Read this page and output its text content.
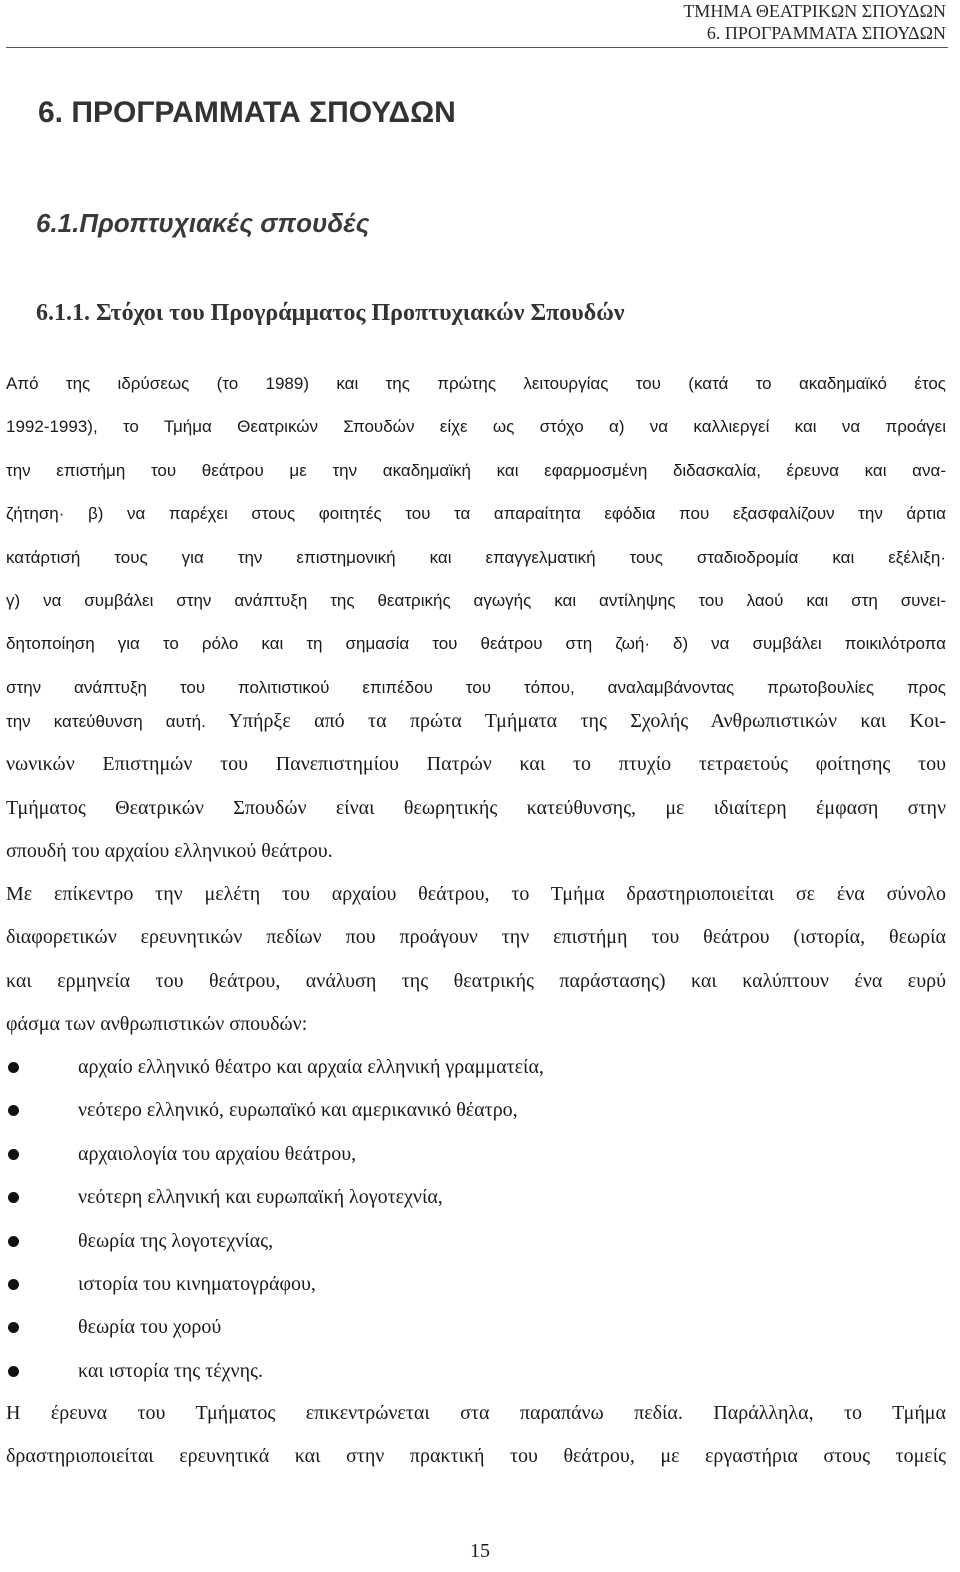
ΤΜΗΜΑ ΘΕΑΤΡΙΚΩΝ ΣΠΟΥΔΩΝ
6. ΠΡΟΓΡΑΜΜΑΤΑ ΣΠΟΥΔΩΝ
6. ΠΡΟΓΡΑΜΜΑΤΑ ΣΠΟΥΔΩΝ
6.1.Προπτυχιακές σπουδές
6.1.1. Στόχοι του Προγράμματος Προπτυχιακών Σπουδών
Από της ιδρύσεως (το 1989) και της πρώτης λειτουργίας του (κατά το ακαδημαϊκό έτος
1992-1993), το Τμήμα Θεατρικών Σπουδών είχε ως στόχο α) να καλλιεργεί και να προάγει
την επιστήμη του θεάτρου με την ακαδημαϊκή και εφαρμοσμένη διδασκαλία, έρευνα και ανα-
ζήτηση· β) να παρέχει στους φοιτητές του τα απαραίτητα εφόδια που εξασφαλίζουν την άρτια
κατάρτισή τους για την επιστημονική και επαγγελματική τους σταδιοδρομία και εξέλιξη·
γ) να συμβάλει στην ανάπτυξη της θεατρικής αγωγής και αντίληψης του λαού και στη συνει-
δητοποίηση για το ρόλο και τη σημασία του θεάτρου στη ζωή· δ) να συμβάλει ποικιλότροπα
στην ανάπτυξη του πολιτιστικού επιπέδου του τόπου, αναλαμβάνοντας πρωτοβουλίες προς
την κατεύθυνση αυτή. Υπήρξε από τα πρώτα Τμήματα της Σχολής Ανθρωπιστικών και Κοι-
νωνικών Επιστημών του Πανεπιστημίου Πατρών και το πτυχίο τετραετούς φοίτησης του
Τμήματος Θεατρικών Σπουδών είναι θεωρητικής κατεύθυνσης, με ιδιαίτερη έμφαση στην
σπουδή του αρχαίου ελληνικού θεάτρου.
Με επίκεντρο την μελέτη του αρχαίου θεάτρου, το Τμήμα δραστηριοποιείται σε ένα σύνολο
διαφορετικών ερευνητικών πεδίων που προάγουν την επιστήμη του θεάτρου (ιστορία, θεωρία
και ερμηνεία του θεάτρου, ανάλυση της θεατρικής παράστασης) και καλύπτουν ένα ευρύ
φάσμα των ανθρωπιστικών σπουδών:
αρχαίο ελληνικό θέατρο και αρχαία ελληνική γραμματεία,
νεότερο ελληνικό, ευρωπαϊκό και αμερικανικό θέατρο,
αρχαιολογία του αρχαίου θεάτρου,
νεότερη ελληνική και ευρωπαϊκή λογοτεχνία,
θεωρία της λογοτεχνίας,
ιστορία του κινηματογράφου,
θεωρία του χορού
και ιστορία της τέχνης.
Η έρευνα του Τμήματος επικεντρώνεται στα παραπάνω πεδία. Παράλληλα, το Τμήμα
δραστηριοποιείται ερευνητικά και στην πρακτική του θεάτρου, με εργαστήρια στους τομείς
15
